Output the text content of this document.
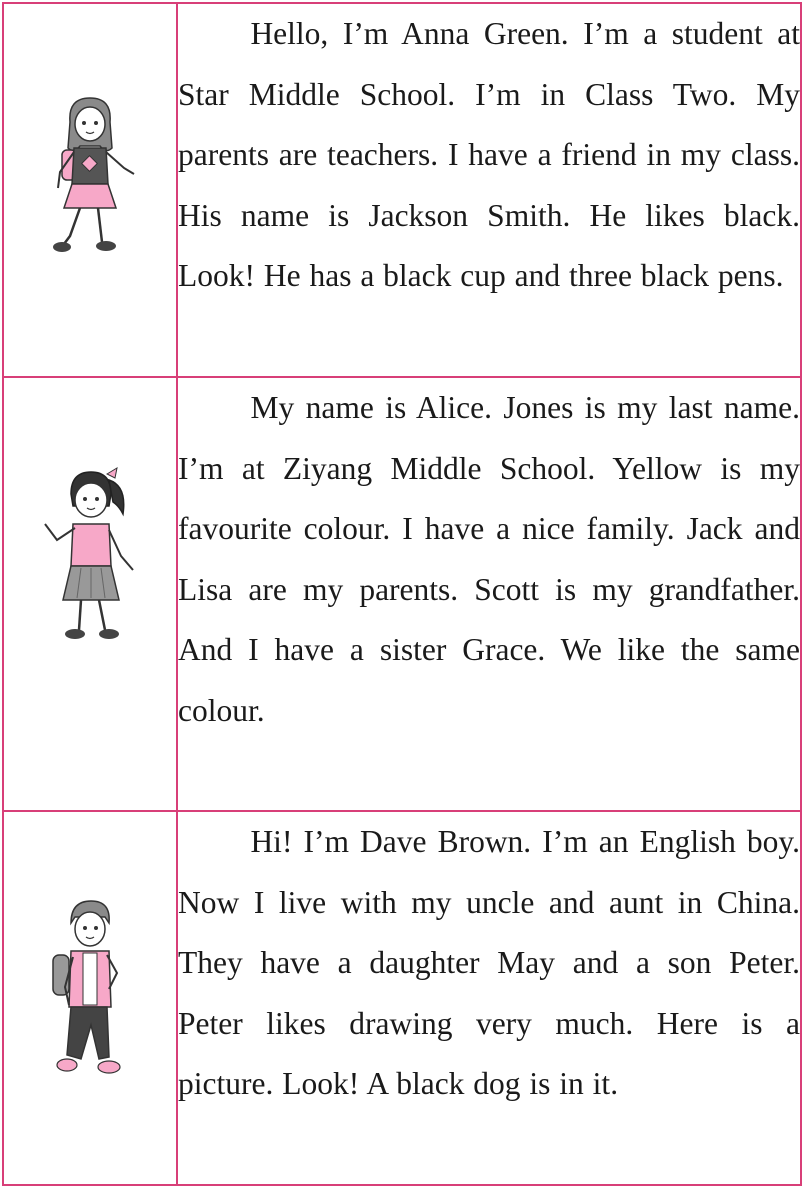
Hello, I’m Anna Green. I’m a student at Star Middle School. I’m in Class Two. My parents are teachers. I have a friend in my class. His name is Jackson Smith. He likes black. Look! He has a black cup and three black pens.

My name is Alice. Jones is my last name. I’m at Ziyang Middle School. Yellow is my favourite colour. I have a nice family. Jack and Lisa are my parents. Scott is my grandfather. And I have a sister Grace. We like the same colour.

Hi! I’m Dave Brown. I’m an English boy. Now I live with my uncle and aunt in China. They have a daughter May and a son Peter. Peter likes drawing very much. Here is a picture. Look! A black dog is in it.
